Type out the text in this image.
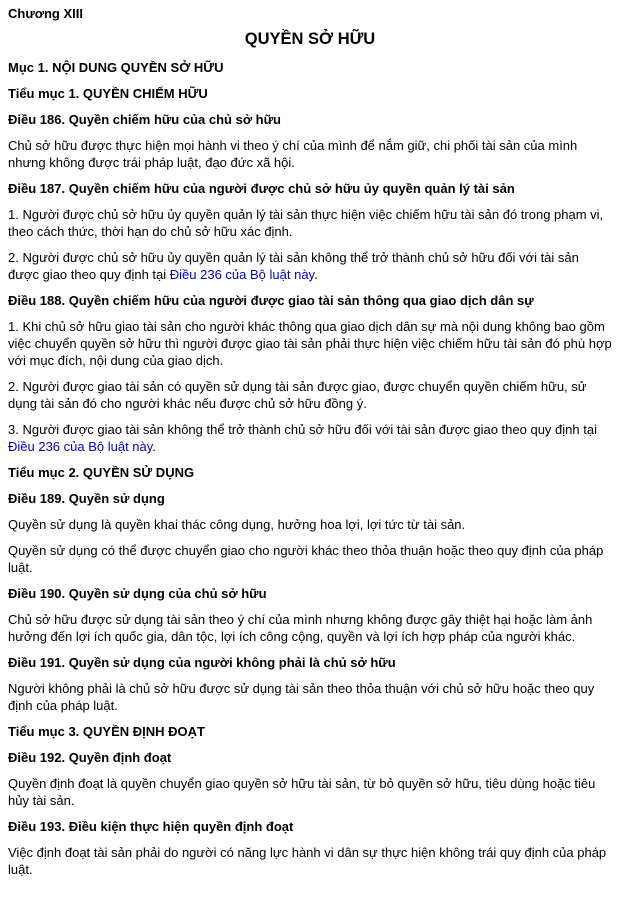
Chương XIII
QUYỀN SỞ HỮU
Mục 1. NỘI DUNG QUYỀN SỞ HỮU
Tiểu mục 1. QUYỀN CHIẾM HỮU
Điều 186. Quyền chiếm hữu của chủ sở hữu
Chủ sở hữu được thực hiện mọi hành vi theo ý chí của mình để nắm giữ, chi phối tài sản của mình nhưng không được trái pháp luật, đạo đức xã hội.
Điều 187. Quyền chiếm hữu của người được chủ sở hữu ủy quyền quản lý tài sản
1. Người được chủ sở hữu ủy quyền quản lý tài sản thực hiện việc chiếm hữu tài sản đó trong phạm vi, theo cách thức, thời hạn do chủ sở hữu xác định.
2. Người được chủ sở hữu ủy quyền quản lý tài sản không thể trở thành chủ sở hữu đối với tài sản được giao theo quy định tại Điều 236 của Bộ luật này.
Điều 188. Quyền chiếm hữu của người được giao tài sản thông qua giao dịch dân sự
1. Khi chủ sở hữu giao tài sản cho người khác thông qua giao dịch dân sự mà nội dung không bao gồm việc chuyển quyền sở hữu thì người được giao tài sản phải thực hiện việc chiếm hữu tài sản đó phù hợp với mục đích, nội dung của giao dịch.
2. Người được giao tài sản có quyền sử dụng tài sản được giao, được chuyển quyền chiếm hữu, sử dụng tài sản đó cho người khác nếu được chủ sở hữu đồng ý.
3. Người được giao tài sản không thể trở thành chủ sở hữu đối với tài sản được giao theo quy định tại Điều 236 của Bộ luật này.
Tiểu mục 2. QUYỀN SỬ DỤNG
Điều 189. Quyền sử dụng
Quyền sử dụng là quyền khai thác công dụng, hưởng hoa lợi, lợi tức từ tài sản.
Quyền sử dụng có thể được chuyển giao cho người khác theo thỏa thuận hoặc theo quy định của pháp luật.
Điều 190. Quyền sử dụng của chủ sở hữu
Chủ sở hữu được sử dụng tài sản theo ý chí của mình nhưng không được gây thiệt hại hoặc làm ảnh hưởng đến lợi ích quốc gia, dân tộc, lợi ích công cộng, quyền và lợi ích hợp pháp của người khác.
Điều 191. Quyền sử dụng của người không phải là chủ sở hữu
Người không phải là chủ sở hữu được sử dụng tài sản theo thỏa thuận với chủ sở hữu hoặc theo quy định của pháp luật.
Tiểu mục 3. QUYỀN ĐỊNH ĐOẠT
Điều 192. Quyền định đoạt
Quyền định đoạt là quyền chuyển giao quyền sở hữu tài sản, từ bỏ quyền sở hữu, tiêu dùng hoặc tiêu hủy tài sản.
Điều 193. Điều kiện thực hiện quyền định đoạt
Việc định đoạt tài sản phải do người có năng lực hành vi dân sự thực hiện không trái quy định của pháp luật.
